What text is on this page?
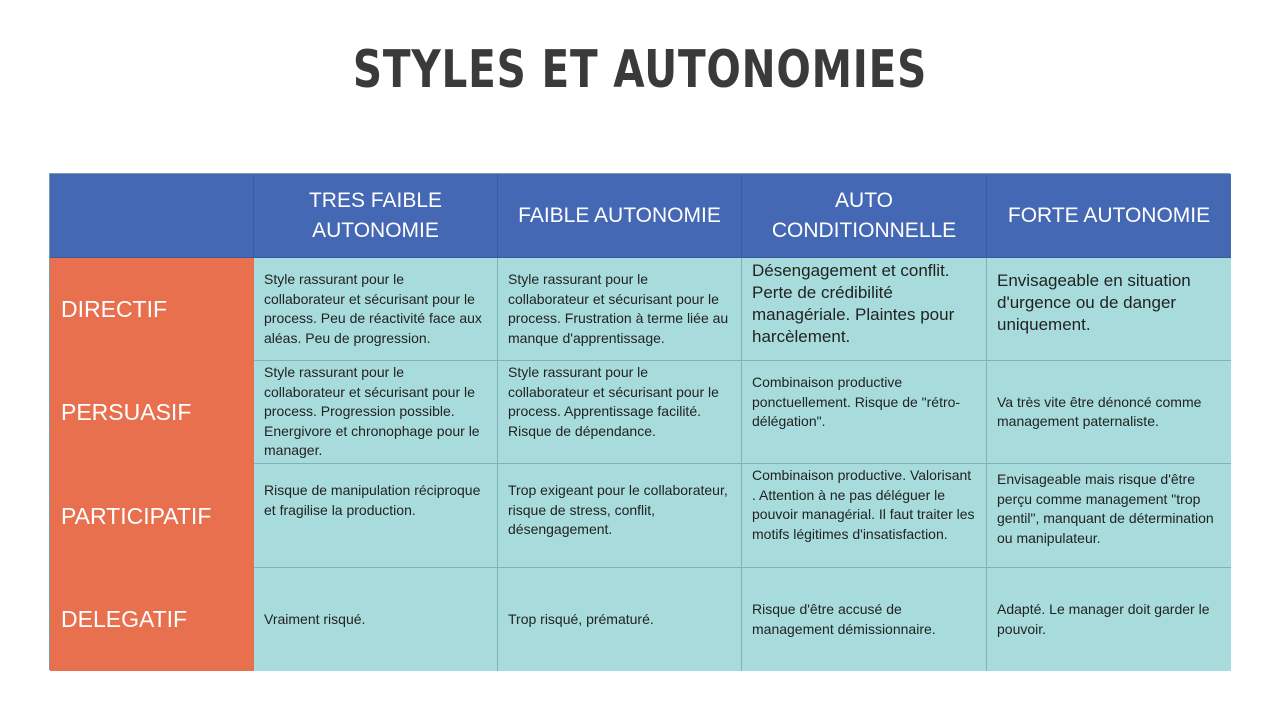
STYLES ET AUTONOMIES
TRES FAIBLE AUTONOMIE
FAIBLE AUTONOMIE
AUTO CONDITIONNELLE
FORTE AUTONOMIE
DIRECTIF
Style rassurant pour le collaborateur et sécurisant pour le process. Peu de réactivité face aux aléas. Peu de progression.
Style rassurant pour le collaborateur et sécurisant pour le process. Frustration à terme liée au manque d'apprentissage.
Désengagement et conflit. Perte de crédibilité managériale. Plaintes pour harcèlement.
Envisageable en situation d'urgence ou de danger uniquement.
PERSUASIF
Style rassurant pour le collaborateur et sécurisant pour le process. Progression possible. Energivore et chronophage pour le manager.
Style rassurant pour le collaborateur et sécurisant pour le process. Apprentissage facilité. Risque de dépendance.
Combinaison productive ponctuellement. Risque de "rétro-délégation".
Va très vite être dénoncé comme management paternaliste.
PARTICIPATIF
Risque de manipulation réciproque et fragilise la production.
Trop exigeant pour le collaborateur, risque de stress, conflit, désengagement.
Combinaison productive. Valorisant . Attention à ne pas déléguer le pouvoir managérial. Il faut traiter les motifs légitimes d'insatisfaction.
Envisageable mais risque d'être perçu comme management "trop gentil", manquant de détermination ou manipulateur.
DELEGATIF	Vraiment risqué.	Trop risqué, prématuré.
Risque d'être accusé de management démissionnaire.
Adapté. Le manager doit garder le pouvoir.
